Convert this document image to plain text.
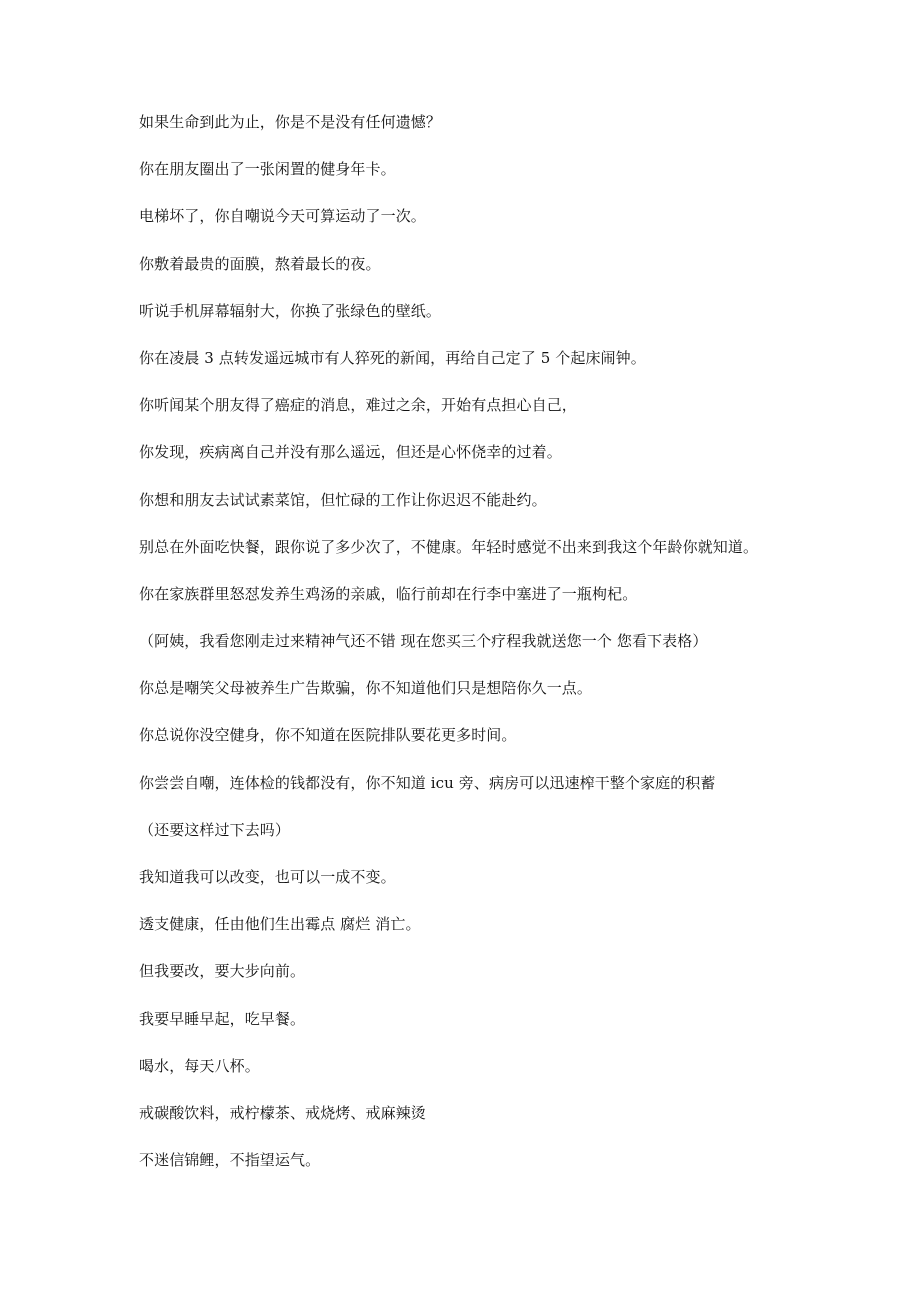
如果生命到此为止，你是不是没有任何遗憾？
你在朋友圈出了一张闲置的健身年卡。
电梯坏了，你自嘲说今天可算运动了一次。
你敷着最贵的面膜，熬着最长的夜。
听说手机屏幕辐射大，你换了张绿色的壁纸。
你在凌晨 3 点转发遥远城市有人猝死的新闻，再给自己定了 5 个起床闹钟。
你听闻某个朋友得了癌症的消息，难过之余，开始有点担心自己，
你发现，疾病离自己并没有那么遥远，但还是心怀侥幸的过着。
你想和朋友去试试素菜馆，但忙碌的工作让你迟迟不能赴约。
别总在外面吃快餐，跟你说了多少次了，不健康。年轻时感觉不出来到我这个年龄你就知道。
你在家族群里怒怼发养生鸡汤的亲戚，临行前却在行李中塞进了一瓶枸杞。
（阿姨，我看您刚走过来精神气还不错 现在您买三个疗程我就送您一个 您看下表格）
你总是嘲笑父母被养生广告欺骗，你不知道他们只是想陪你久一点。
你总说你没空健身，你不知道在医院排队要花更多时间。
你尝尝自嘲，连体检的钱都没有，你不知道 icu 旁、病房可以迅速榨干整个家庭的积蓄
（还要这样过下去吗）
我知道我可以改变，也可以一成不变。
透支健康，任由他们生出霉点 腐烂 消亡。
但我要改，要大步向前。
我要早睡早起，吃早餐。
喝水，每天八杯。
戒碳酸饮料，戒柠檬茶、戒烧烤、戒麻辣烫
不迷信锦鲤，不指望运气。
